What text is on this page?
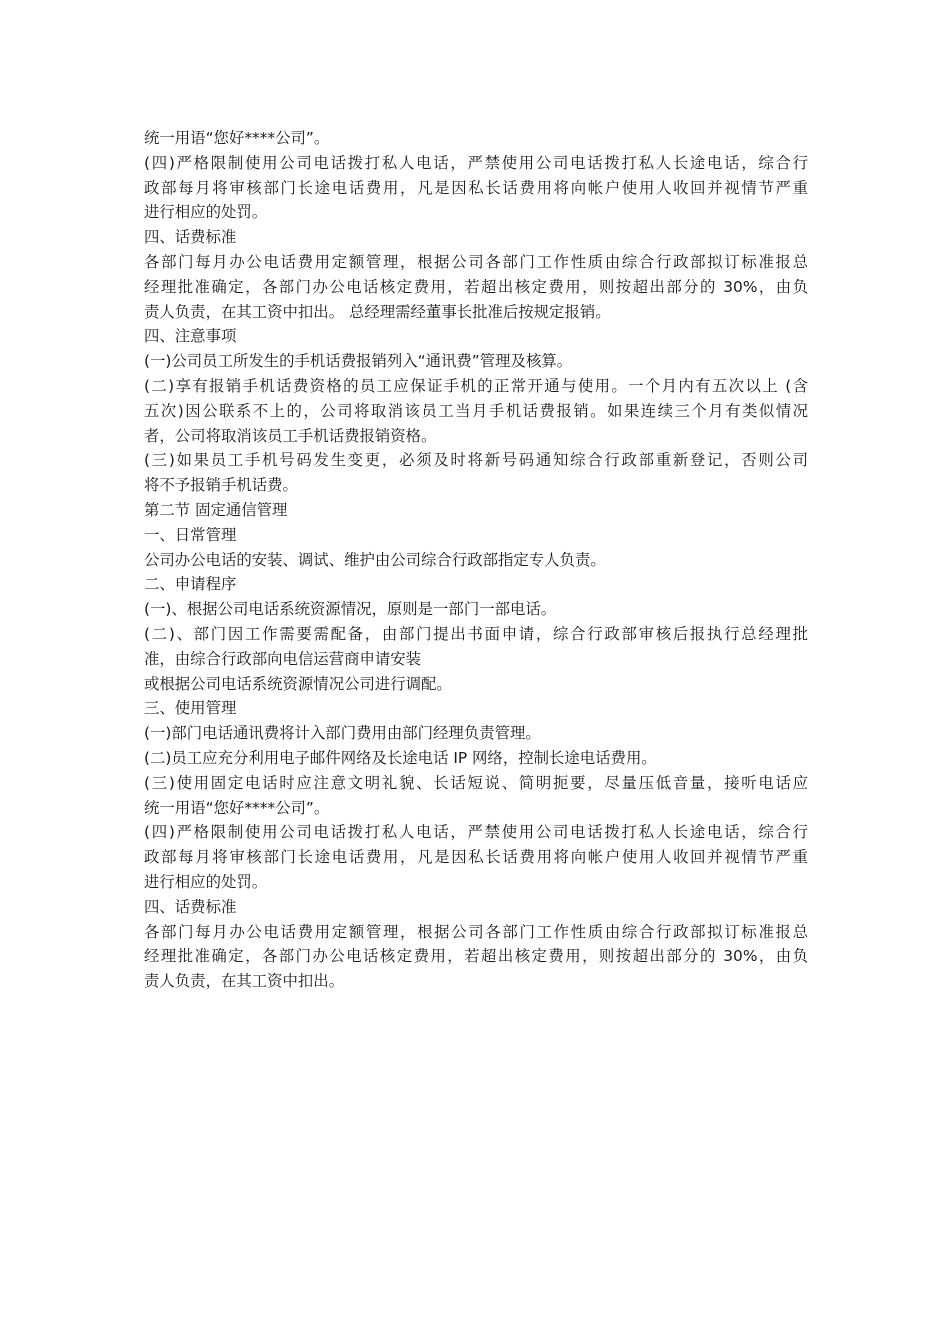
统一用语“您好****公司”。
(四)严格限制使用公司电话拨打私人电话，严禁使用公司电话拨打私人长途电话，综合行
政部每月将审核部门长途电话费用，凡是因私长话费用将向帐户使用人收回并视情节严重
进行相应的处罚。
四、话费标准
各部门每月办公电话费用定额管理，根据公司各部门工作性质由综合行政部拟订标准报总
经理批准确定，各部门办公电话核定费用，若超出核定费用，则按超出部分的 30%，由负
责人负责，在其工资中扣出。 总经理需经董事长批准后按规定报销。
四、注意事项
(一)公司员工所发生的手机话费报销列入“通讯费”管理及核算。
(二)享有报销手机话费资格的员工应保证手机的正常开通与使用。一个月内有五次以上 (含
五次)因公联系不上的，公司将取消该员工当月手机话费报销。如果连续三个月有类似情况
者，公司将取消该员工手机话费报销资格。
(三)如果员工手机号码发生变更，必须及时将新号码通知综合行政部重新登记，否则公司
将不予报销手机话费。
第二节 固定通信管理
一、日常管理
公司办公电话的安装、调试、维护由公司综合行政部指定专人负责。
二、申请程序
(一)、根据公司电话系统资源情况，原则是一部门一部电话。
(二)、部门因工作需要需配备，由部门提出书面申请，综合行政部审核后报执行总经理批
准，由综合行政部向电信运营商申请安装
或根据公司电话系统资源情况公司进行调配。
三、使用管理
(一)部门电话通讯费将计入部门费用由部门经理负责管理。
(二)员工应充分利用电子邮件网络及长途电话 IP 网络，控制长途电话费用。
(三)使用固定电话时应注意文明礼貌、长话短说、简明扼要，尽量压低音量，接听电话应
统一用语“您好****公司”。
(四)严格限制使用公司电话拨打私人电话，严禁使用公司电话拨打私人长途电话，综合行
政部每月将审核部门长途电话费用，凡是因私长话费用将向帐户使用人收回并视情节严重
进行相应的处罚。
四、话费标准
各部门每月办公电话费用定额管理，根据公司各部门工作性质由综合行政部拟订标准报总
经理批准确定，各部门办公电话核定费用，若超出核定费用，则按超出部分的 30%，由负
责人负责，在其工资中扣出。
